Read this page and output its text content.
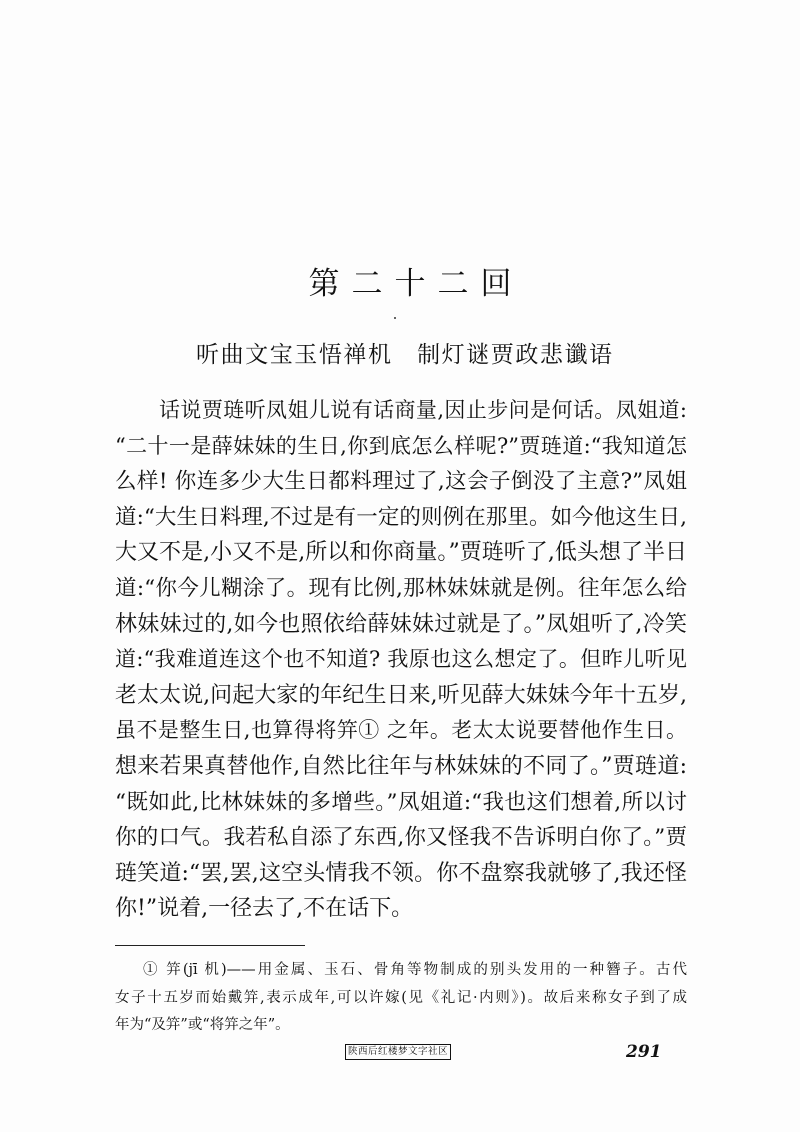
第二十二回
听曲文宝玉悟禅机　制灯谜贾政悲谶语
话说贾琏听凤姐儿说有话商量,因止步问是何话。凤姐道:
“二十一是薛妹妹的生日,你到底怎么样呢?”贾琏道:“我知道怎
么样! 你连多少大生日都料理过了,这会子倒没了主意?”凤姐
道:“大生日料理,不过是有一定的则例在那里。如今他这生日,
大又不是,小又不是,所以和你商量。”贾琏听了,低头想了半日
道:“你今儿糊涂了。现有比例,那林妹妹就是例。往年怎么给
林妹妹过的,如今也照依给薛妹妹过就是了。”凤姐听了,冷笑
道:“我难道连这个也不知道? 我原也这么想定了。但昨儿听见
老太太说,问起大家的年纪生日来,听见薛大妹妹今年十五岁,
虽不是整生日,也算得将笄① 之年。老太太说要替他作生日。
想来若果真替他作,自然比往年与林妹妹的不同了。”贾琏道:
“既如此,比林妹妹的多增些。”凤姐道:“我也这们想着,所以讨
你的口气。我若私自添了东西,你又怪我不告诉明白你了。”贾
琏笑道:“罢,罢,这空头情我不领。你不盘察我就够了,我还怪
你!”说着,一径去了,不在话下。
① 笄(jī 机)——用金属、玉石、骨角等物制成的别头发用的一种簪子。古代
女子十五岁而始戴笄,表示成年,可以许嫁(见《礼记·内则》)。故后来称女子到了成
年为“及笄”或“将笄之年”。
陕西后红楼梦文字社区	291
